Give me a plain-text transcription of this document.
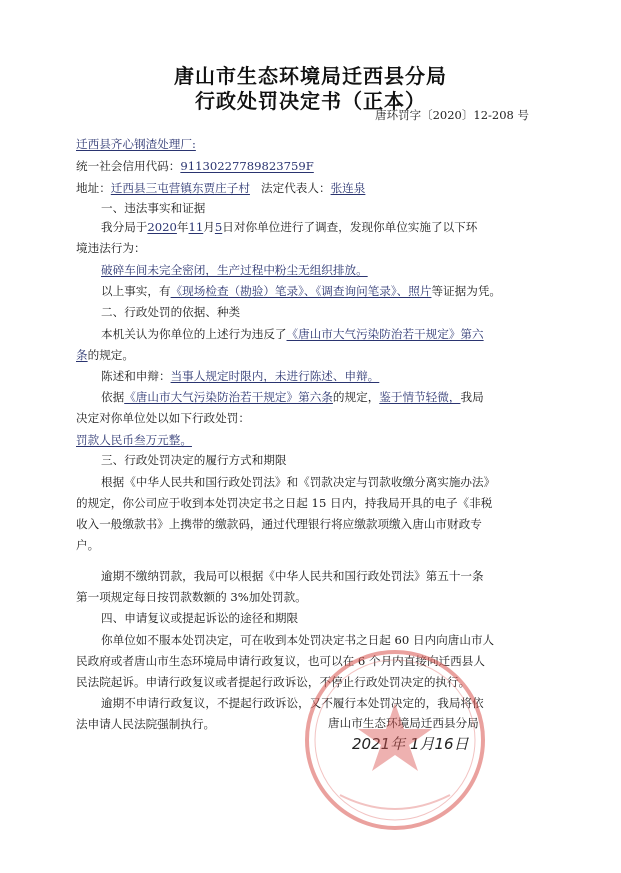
唐山市生态环境局迁西县分局
行政处罚决定书（正本）
唐环罚字〔2020〕12-208 号
迁西县齐心钢渣处理厂:
统一社会信用代码：91130227789823759F
地址：迁西县三屯营镇东贾庄子村 法定代表人：张连泉
一、违法事实和证据
我分局于2020年11月5日对你单位进行了调查，发现你单位实施了以下环
境违法行为：
破碎车间未完全密闭，生产过程中粉尘无组织排放。
以上事实，有《现场检查（勘验）笔录》、《调查询问笔录》、照片等证据为凭。
二、行政处罚的依据、种类
本机关认为你单位的上述行为违反了《唐山市大气污染防治若干规定》第六
条的规定。
陈述和申辩：当事人规定时限内，未进行陈述、申辩。
依据《唐山市大气污染防治若干规定》第六条的规定，鉴于情节轻微，我局
决定对你单位处以如下行政处罚：
罚款人民币叁万元整。
三、行政处罚决定的履行方式和期限
根据《中华人民共和国行政处罚法》和《罚款决定与罚款收缴分离实施办法》
的规定，你公司应于收到本处罚决定书之日起 15 日内，持我局开具的电子《非税
收入一般缴款书》上携带的缴款码，通过代理银行将应缴款项缴入唐山市财政专
户。
逾期不缴纳罚款，我局可以根据《中华人民共和国行政处罚法》第五十一条
第一项规定每日按罚款数额的 3%加处罚款。
四、申请复议或提起诉讼的途径和期限
你单位如不服本处罚决定，可在收到本处罚决定书之日起 60 日内向唐山市人
民政府或者唐山市生态环境局申请行政复议，也可以在 6 个月内直接向迁西县人
民法院起诉。申请行政复议或者提起行政诉讼，不停止行政处罚决定的执行。
逾期不申请行政复议，不提起行政诉讼，又不履行本处罚决定的，我局将依
法申请人民法院强制执行。	唐山市生态环境局迁西县分局
2021年 1月16日
